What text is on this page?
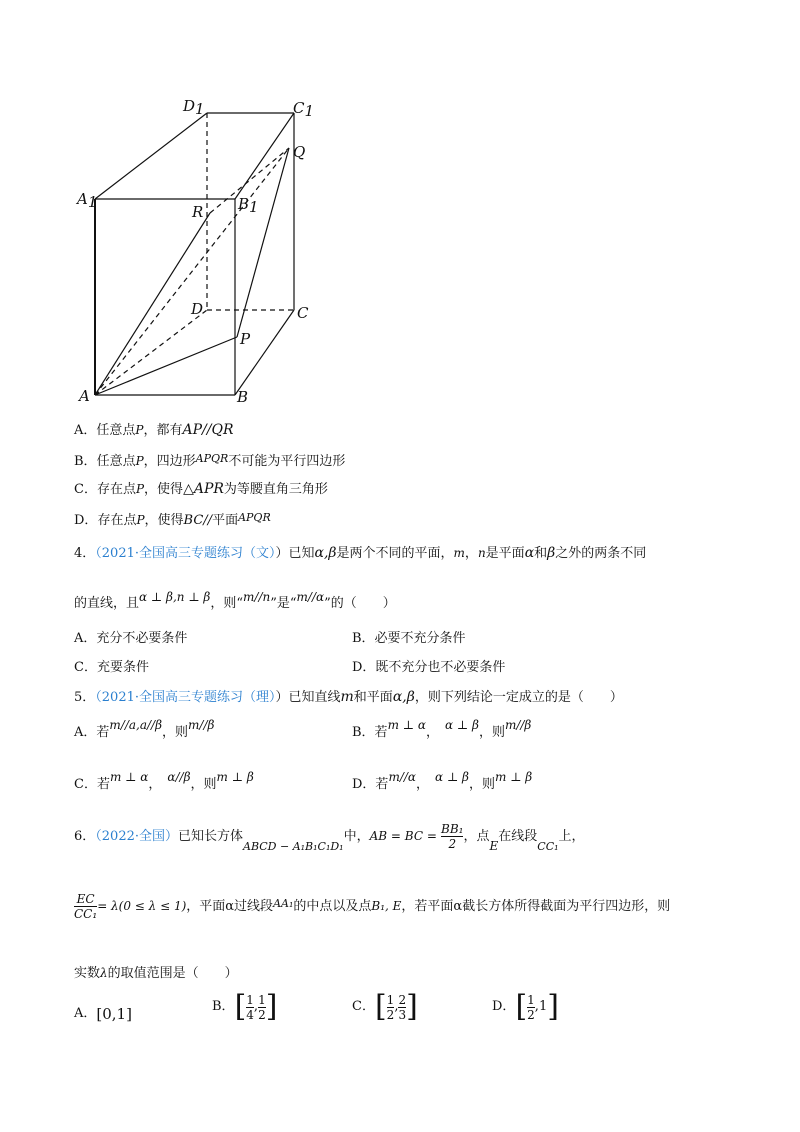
D1	C1
Q
A1
R B1
D	C
P
A	B
A．任意点P，都有AP//QR
B．任意点P，四边形$^{APQR}$不可能为平行四边形
C．存在点P，使得△APR为等腰直角三角形
D．存在点P，使得BC//平面$^{APQR}$
4．（2021·全国高三专题练习（文））已知α,β是两个不同的平面，m，n是平面α和β之外的两条不同
的直线，且α ⊥ β,n ⊥ β，则“m//n”是“m//α”的（　　）
A．充分不必要条件	B．必要不充分条件
C．充要条件	D．既不充分也不必要条件
5．（2021·全国高三专题练习（理））已知直线m和平面α,β，则下列结论一定成立的是（　　）
A．若m//a,a//β，则m//β	B．若m ⊥ α， α ⊥ β，则m//β
C．若m ⊥ α， α//β，则m ⊥ β	D．若m//α， α ⊥ β，则m ⊥ β
6．（2022·全国）已知长方体$_{ABCD - A_1B_1C_1D_1}$中，AB = BC = $\frac{\text{BB₁}}{2}$ ，点E在线段$_{CC_1}$上，
$\frac{EC}{\text{CC₁}} = \lambda(0 \le \lambda \le 1)$，平面α过线段$^{AA_1}$的中点以及点B₁, E，若平面α截长方体所得截面为平行四边形，则
实数λ的取值范围是（　　）
A．[0,1]	B．[ $\frac{1}{4}$ , $\frac{1}{2}$ ]	C．[ $\frac{1}{2}$ , $\frac{2}{3}$ ]	D．[ $\frac{1}{2} ,1$]
